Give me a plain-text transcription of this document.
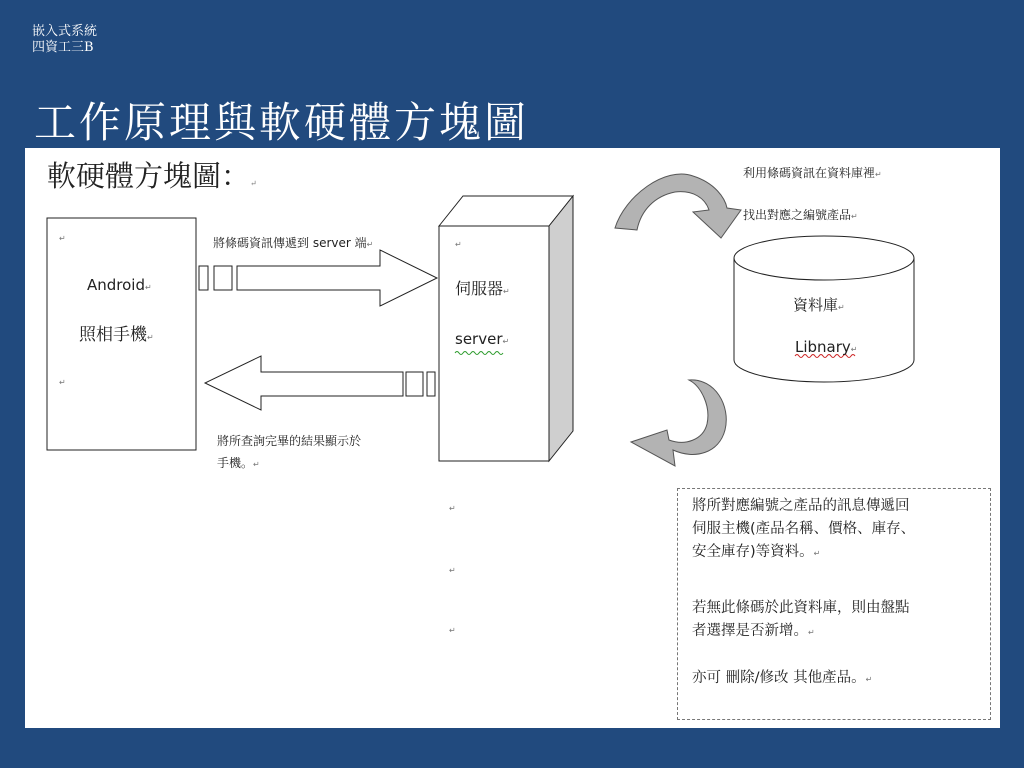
嵌入式系統
四資工三B
工作原理與軟硬體方塊圖
軟硬體方塊圖：↵
↵
Android↵
照相手機↵
↵
將條碼資訊傳遞到 server 端↵
將所查詢完畢的結果顯示於
手機。↵
↵
伺服器↵
server↵
↵
↵
↵
利用條碼資訊在資料庫裡↵
找出對應之編號產品↵
資料庫↵
Libnary↵
將所對應編號之產品的訊息傳遞回
伺服主機(產品名稱、價格、庫存、
安全庫存)等資料。↵
若無此條碼於此資料庫，則由盤點
者選擇是否新增。↵
亦可 刪除/修改 其他產品。↵
